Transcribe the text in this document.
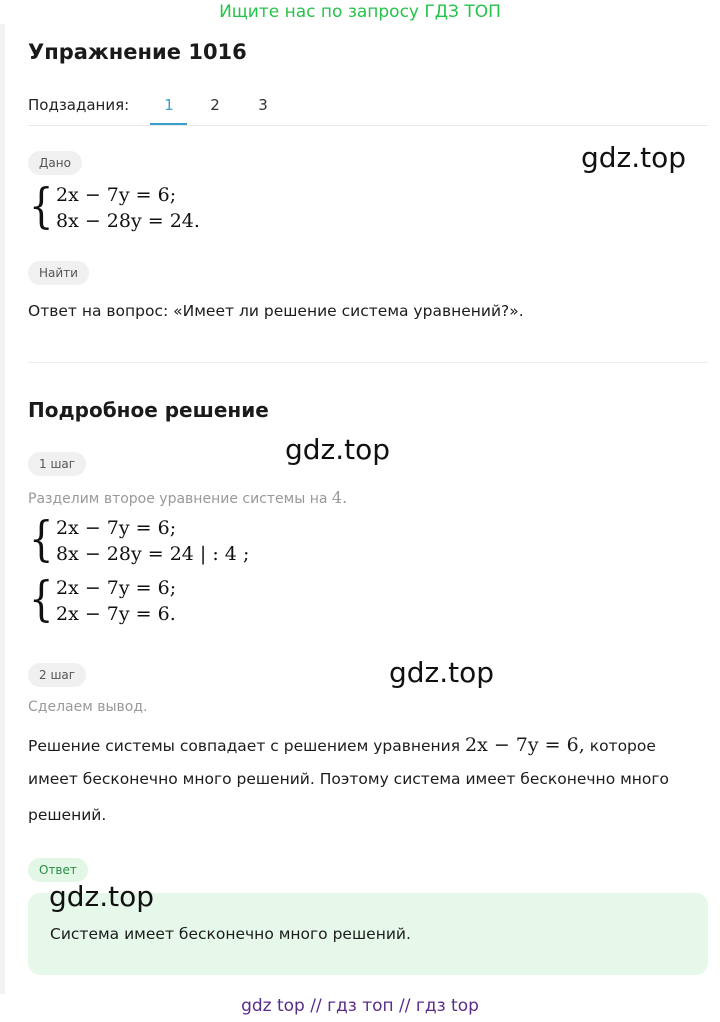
Ищите нас по запросу ГДЗ ТОП
Упражнение 1016
Подзадания:	1	2	3
Дано	gdz.top
{ 2x − 7y = 6;
8x − 28y = 24.
Найти
Ответ на вопрос: «Имеет ли решение система уравнений?».
Подробное решение
gdz.top
1 шаг
Разделим второе уравнение системы на 4.
{ 2x − 7y = 6;
8x − 28y = 24 | : 4 ;
{ 2x − 7y = 6;
2x − 7y = 6.
2 шаг	gdz.top
Сделаем вывод.
Решение системы совпадает с решением уравнения 2x − 7y = 6, которое
имеет бесконечно много решений. Поэтому система имеет бесконечно много
решений.
Ответ
Система имеет бесконечно много решений.
gdz.top
gdz top // гдз топ // гдз top
